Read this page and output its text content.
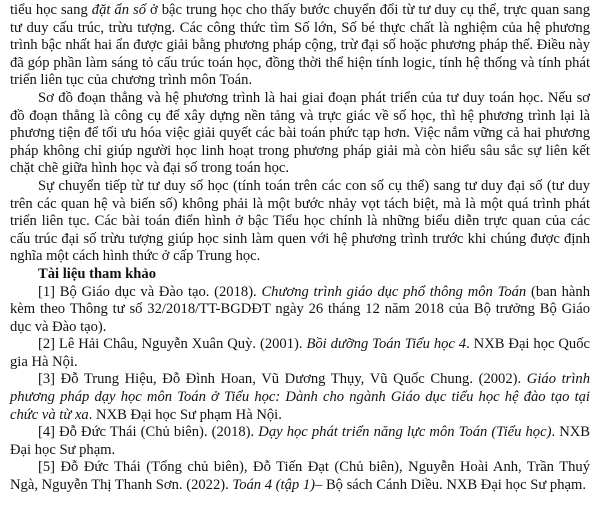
tiểu học sang đặt ẩn số ở bậc trung học cho thấy bước chuyển đổi từ tư duy cụ thể, trực quan sang tư duy cấu trúc, trừu tượng. Các công thức tìm Số lớn, Số bé thực chất là nghiệm của hệ phương trình bậc nhất hai ẩn được giải bằng phương pháp cộng, trừ đại số hoặc phương pháp thế. Điều này đã góp phần làm sáng tỏ cấu trúc toán học, đồng thời thể hiện tính logic, tính hệ thống và tính phát triển liên tục của chương trình môn Toán.

Sơ đồ đoạn thẳng và hệ phương trình là hai giai đoạn phát triển của tư duy toán học. Nếu sơ đồ đoạn thẳng là công cụ để xây dựng nền tảng và trực giác về số học, thì hệ phương trình lại là phương tiện để tối ưu hóa việc giải quyết các bài toán phức tạp hơn. Việc nắm vững cả hai phương pháp không chỉ giúp người học linh hoạt trong phương pháp giải mà còn hiểu sâu sắc sự liên kết chặt chẽ giữa hình học và đại số trong toán học.

Sự chuyển tiếp từ tư duy số học (tính toán trên các con số cụ thể) sang tư duy đại số (tư duy trên các quan hệ và biến số) không phải là một bước nhảy vọt tách biệt, mà là một quá trình phát triển liên tục. Các bài toán điển hình ở bậc Tiểu học chính là những biểu diễn trực quan của các cấu trúc đại số trừu tượng giúp học sinh làm quen với hệ phương trình trước khi chúng được định nghĩa một cách hình thức ở cấp Trung học.

Tài liệu tham khảo

[1] Bộ Giáo dục và Đào tạo. (2018). Chương trình giáo dục phổ thông môn Toán (ban hành kèm theo Thông tư số 32/2018/TT-BGDĐT ngày 26 tháng 12 năm 2018 của Bộ trưởng Bộ Giáo dục và Đào tạo).

[2] Lê Hải Châu, Nguyễn Xuân Quỳ. (2001). Bồi dưỡng Toán Tiểu học 4. NXB Đại học Quốc gia Hà Nội.

[3] Đỗ Trung Hiệu, Đỗ Đình Hoan, Vũ Dương Thụy, Vũ Quốc Chung. (2002). Giáo trình phương pháp dạy học môn Toán ở Tiểu học: Dành cho ngành Giáo dục tiểu học hệ đào tạo tại chức và từ xa. NXB Đại học Sư phạm Hà Nội.

[4] Đỗ Đức Thái (Chủ biên). (2018). Dạy học phát triển năng lực môn Toán (Tiểu học). NXB Đại học Sư phạm.

[5] Đỗ Đức Thái (Tổng chủ biên), Đỗ Tiến Đạt (Chủ biên), Nguyễn Hoài Anh, Trần Thuý Ngà, Nguyễn Thị Thanh Sơn. (2022). Toán 4 (tập 1)– Bộ sách Cánh Diều. NXB Đại học Sư phạm.
